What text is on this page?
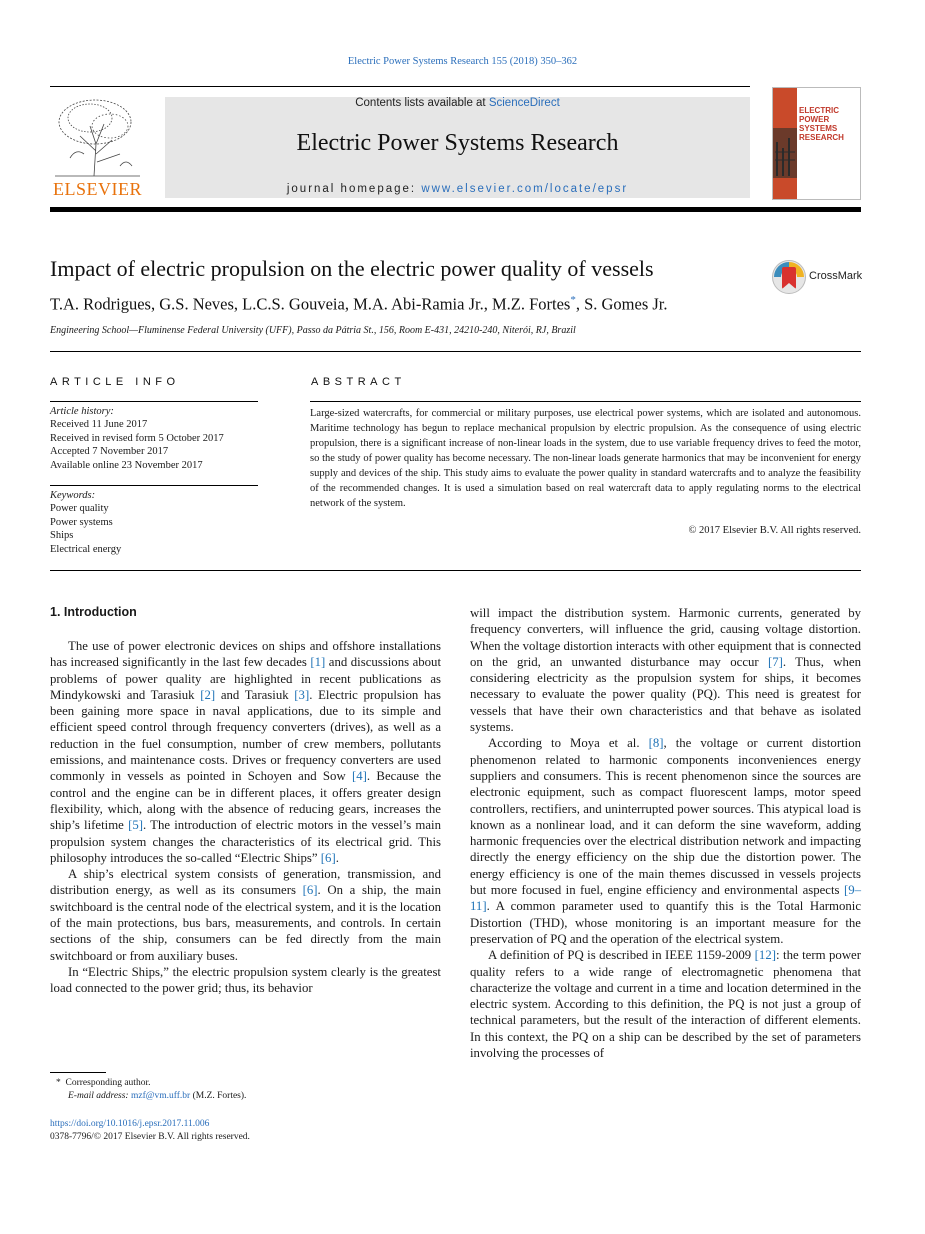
Electric Power Systems Research 155 (2018) 350–362
ELSEVIER
Contents lists available at ScienceDirect
Electric Power Systems Research
journal homepage: www.elsevier.com/locate/epsr
ELECTRIC POWER SYSTEMS RESEARCH
Impact of electric propulsion on the electric power quality of vessels	CrossMark
T.A. Rodrigues, G.S. Neves, L.C.S. Gouveia, M.A. Abi-Ramia Jr., M.Z. Fortes*, S. Gomes Jr.
Engineering School—Fluminense Federal University (UFF), Passo da Pátria St., 156, Room E-431, 24210-240, Niterói, RJ, Brazil
ARTICLE INFO
Article history:
Received 11 June 2017
Received in revised form 5 October 2017
Accepted 7 November 2017
Available online 23 November 2017
Keywords:
Power quality
Power systems
Ships
Electrical energy
ABSTRACT
Large-sized watercrafts, for commercial or military purposes, use electrical power systems, which are isolated and autonomous. Maritime technology has begun to replace mechanical propulsion by electric propulsion. As the consequence of using electric propulsion, there is a significant increase of non-linear loads in the system, due to use variable frequency drives to feed the motor, so the study of power quality has become necessary. The non-linear loads generate harmonics that may be inconvenient for energy supply and devices of the ship. This study aims to evaluate the power quality in standard watercrafts and to analyze the feasibility of the recommended changes. It is used a simulation based on real watercraft data to apply regulating norms to the electrical network of the system.
© 2017 Elsevier B.V. All rights reserved.
1. Introduction

The use of power electronic devices on ships and offshore installations has increased significantly in the last few decades [1] and discussions about problems of power quality are highlighted in recent publications as Mindykowski and Tarasiuk [2] and Tarasiuk [3]. Electric propulsion has been gaining more space in naval applications, due to its simple and efficient speed control through frequency converters (drives), as well as a reduction in the fuel consumption, number of crew members, pollutants emissions, and maintenance costs. Drives or frequency converters are used commonly in vessels as pointed in Schoyen and Sow [4]. Because the control and the engine can be in different places, it offers greater design flexibility, which, along with the absence of reducing gears, increases the ship’s lifetime [5]. The introduction of electric motors in the vessel’s main propulsion system changes the characteristics of its electrical grid. This philosophy introduces the so-called “Electric Ships” [6].

A ship’s electrical system consists of generation, transmission, and distribution energy, as well as its consumers [6]. On a ship, the main switchboard is the central node of the electrical system, and it is the location of the main protections, bus bars, measurements, and controls. In certain sections of the ship, consumers can be fed directly from the main switchboard or from auxiliary buses.

In “Electric Ships,” the electric propulsion system clearly is the greatest load connected to the power grid; thus, its behavior

will impact the distribution system. Harmonic currents, generated by frequency converters, will influence the grid, causing voltage distortion. When the voltage distortion interacts with other equipment that is connected on the grid, an unwanted disturbance may occur [7]. Thus, when considering electricity as the propulsion system for ships, it becomes necessary to evaluate the power quality (PQ). This need is greatest for vessels that have their own characteristics and that behave as isolated systems.

According to Moya et al. [8], the voltage or current distortion phenomenon related to harmonic components inconveniences energy suppliers and consumers. This is recent phenomenon since the sources are electronic equipment, such as compact fluorescent lamps, motor speed controllers, rectifiers, and uninterrupted power sources. This atypical load is known as a nonlinear load, and it can deform the sine waveform, adding harmonic frequencies over the electrical distribution network and impacting directly the energy efficiency on the ship due the distortion power. The energy efficiency is one of the main themes discussed in vessels projects but more focused in fuel, engine efficiency and environmental aspects [9–11]. A common parameter used to quantify this is the Total Harmonic Distortion (THD), whose monitoring is an important measure for the preservation of PQ and the operation of the electrical system.

A definition of PQ is described in IEEE 1159-2009 [12]: the term power quality refers to a wide range of electromagnetic phenomena that characterize the voltage and current in a time and location determined in the electric system. According to this definition, the PQ is not just a group of technical parameters, but the result of the interaction of different elements. In this context, the PQ on a ship can be described by the set of parameters involving the processes of

* Corresponding author.
E-mail address: mzf@vm.uff.br (M.Z. Fortes).
https://doi.org/10.1016/j.epsr.2017.11.006
0378-7796/© 2017 Elsevier B.V. All rights reserved.
